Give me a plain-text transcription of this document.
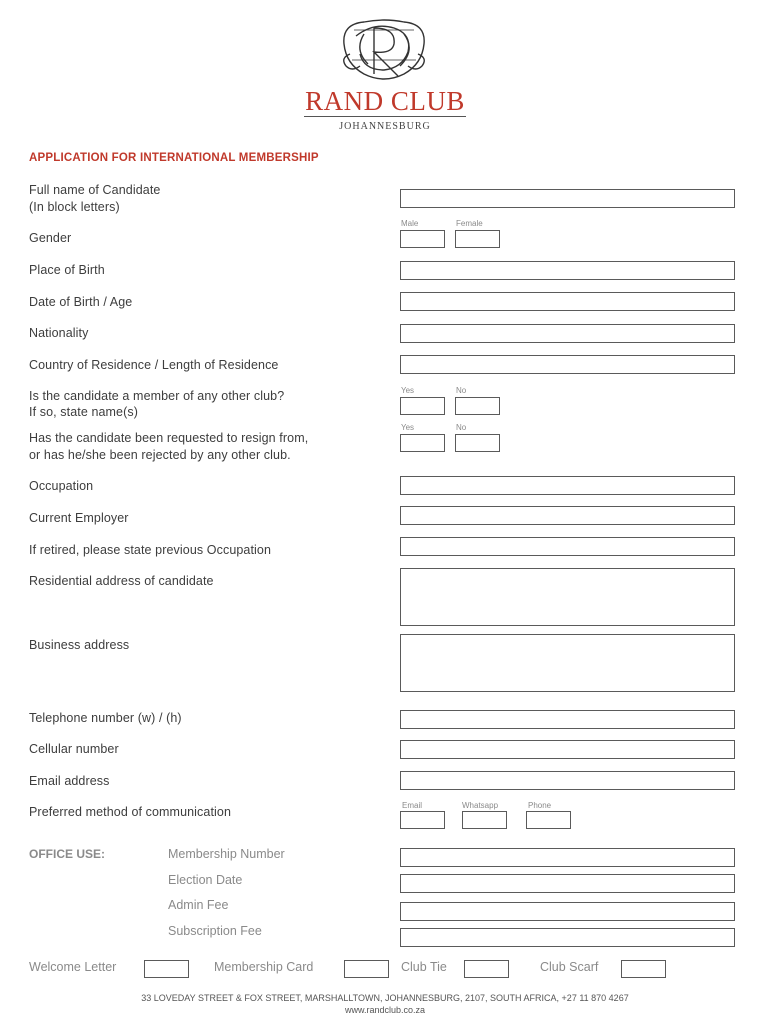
RAND CLUB
JOHANNESBURG
APPLICATION FOR INTERNATIONAL MEMBERSHIP
Full name of Candidate
(In block letters)
Gender
Male	Female
Place of Birth
Date of Birth / Age
Nationality
Country of Residence / Length of Residence
Is the candidate a member of any other club?
If so, state name(s)
Yes	No
Has the candidate been requested to resign from,
or has he/she been rejected by any other club.
Yes	No
Occupation
Current Employer
If retired, please state previous Occupation
Residential address of candidate
Business address
Telephone number (w) / (h)
Cellular number
Email address
Preferred method of communication	Email	Whatsapp	Phone
OFFICE USE:	Membership Number
Election Date
Admin Fee
Subscription Fee
Welcome Letter	Membership Card	Club Tie	Club Scarf
33 LOVEDAY STREET & FOX STREET, MARSHALLTOWN, JOHANNESBURG, 2107, SOUTH AFRICA, +27 11 870 4267
www.randclub.co.za
